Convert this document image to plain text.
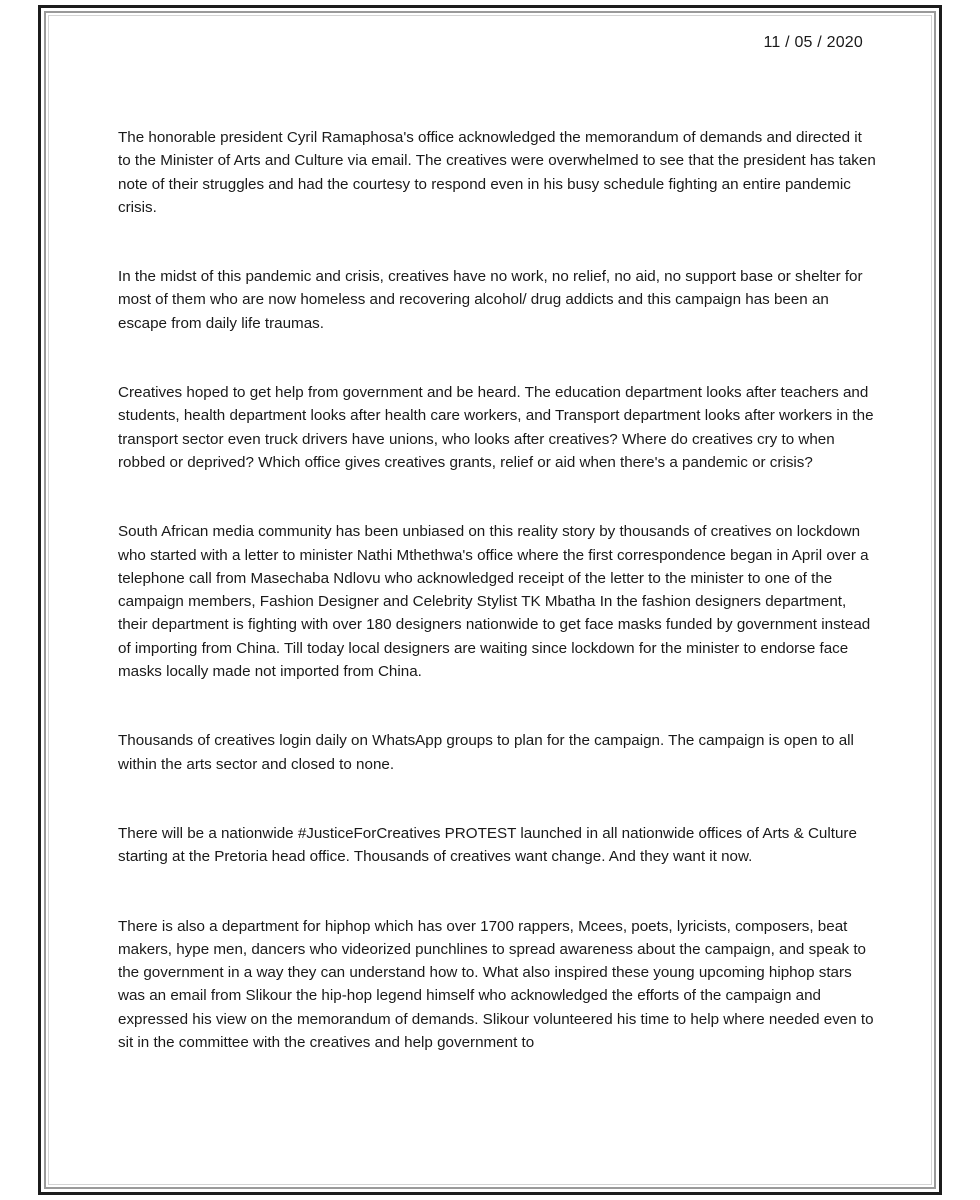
11 / 05 / 2020

The honorable president Cyril Ramaphosa's office acknowledged the memorandum of demands and directed it to the Minister of Arts and Culture via email. The creatives were overwhelmed to see that the president has taken note of their struggles and had the courtesy to respond even in his busy schedule fighting an entire pandemic crisis.

In the midst of this pandemic and crisis, creatives have no work, no relief, no aid, no support base or shelter for most of them who are now homeless and recovering alcohol/ drug addicts and this campaign has been an escape from daily life traumas.

Creatives hoped to get help from government and be heard. The education department looks after teachers and students, health department looks after health care workers, and Transport department looks after workers in the transport sector even truck drivers have unions, who looks after creatives? Where do creatives cry to when robbed or deprived? Which office gives creatives grants, relief or aid when there's a pandemic or crisis?

South African media community has been unbiased on this reality story by thousands of creatives on lockdown who started with a letter to minister Nathi Mthethwa's office where the first correspondence began in April over a telephone call from Masechaba Ndlovu who acknowledged receipt of the letter to the minister to one of the campaign members, Fashion Designer and Celebrity Stylist TK Mbatha In the fashion designers department, their department is fighting with over 180 designers nationwide to get face masks funded by government instead of importing from China. Till today local designers are waiting since lockdown for the minister to endorse face masks locally made not imported from China.

Thousands of creatives login daily on WhatsApp groups to plan for the campaign. The campaign is open to all within the arts sector and closed to none.

There will be a nationwide #JusticeForCreatives PROTEST launched in all nationwide offices of Arts & Culture starting at the Pretoria head office. Thousands of creatives want change. And they want it now.

There is also a department for hiphop which has over 1700 rappers, Mcees, poets, lyricists, composers, beat makers, hype men, dancers who videorized punchlines to spread awareness about the campaign, and speak to the government in a way they can understand how to. What also inspired these young upcoming hiphop stars was an email from Slikour the hip-hop legend himself who acknowledged the efforts of the campaign and expressed his view on the memorandum of demands. Slikour volunteered his time to help where needed even to sit in the committee with the creatives and help government to
